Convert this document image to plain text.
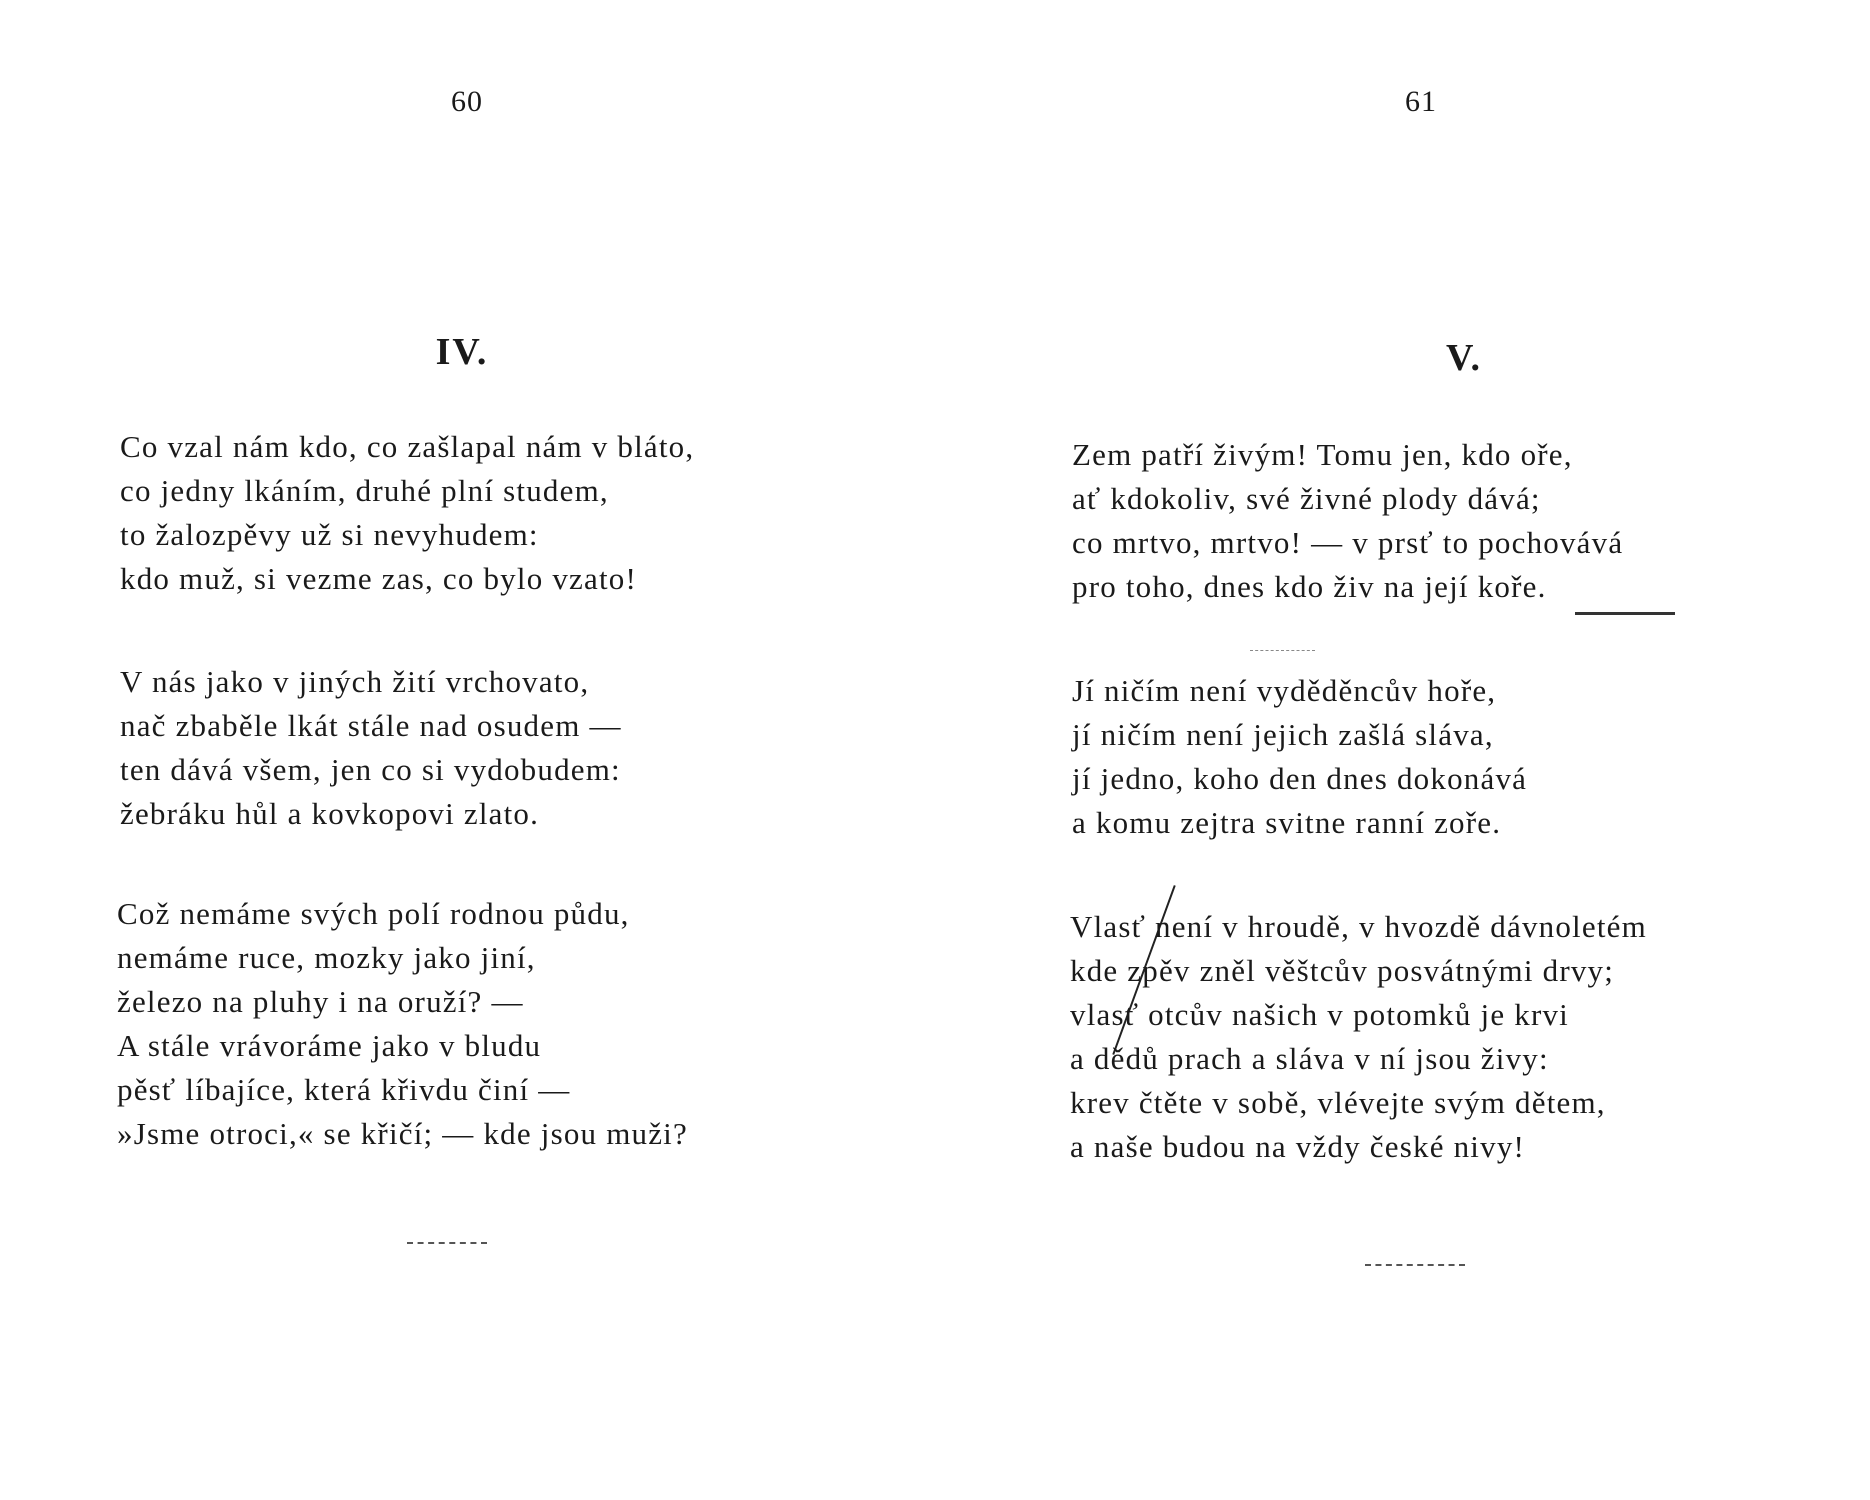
60
IV.
Co vzal nám kdo, co zašlapal nám v bláto,
co jedny lkáním, druhé plní studem,
to žalozpěvy už si nevyhudem:
kdo muž, si vezme zas, co bylo vzato!
V nás jako v jiných žití vrchovato,
nač zbaběle lkát stále nad osudem —
ten dává všem, jen co si vydobudem:
žebráku hůl a kovkopovi zlato.
Což nemáme svých polí rodnou půdu,
nemáme ruce, mozky jako jiní,
železo na pluhy i na oruží? —
A stále vrávoráme jako v bludu
pěsť líbajíce, která křivdu činí —
»Jsme otroci,« se křičí; — kde jsou muži?
61
V.
Zem patří živým! Tomu jen, kdo oře,
ať kdokoliv, své živné plody dává;
co mrtvo, mrtvo! — v prsť to pochovává
pro toho, dnes kdo živ na její koře.
Jí ničím není vyděděncův hoře,
jí ničím není jejich zašlá sláva,
jí jedno, koho den dnes dokonává
a komu zejtra svitne ranní zoře.
Vlasť není v hroudě, v hvozdě dávnoletém
kde zpěv zněl věštcův posvátnými drvy;
vlasť otcův našich v potomků je krvi
a dědů prach a sláva v ní jsou živy:
krev čtěte v sobě, vlévejte svým dětem,
a naše budou na vždy české nivy!
